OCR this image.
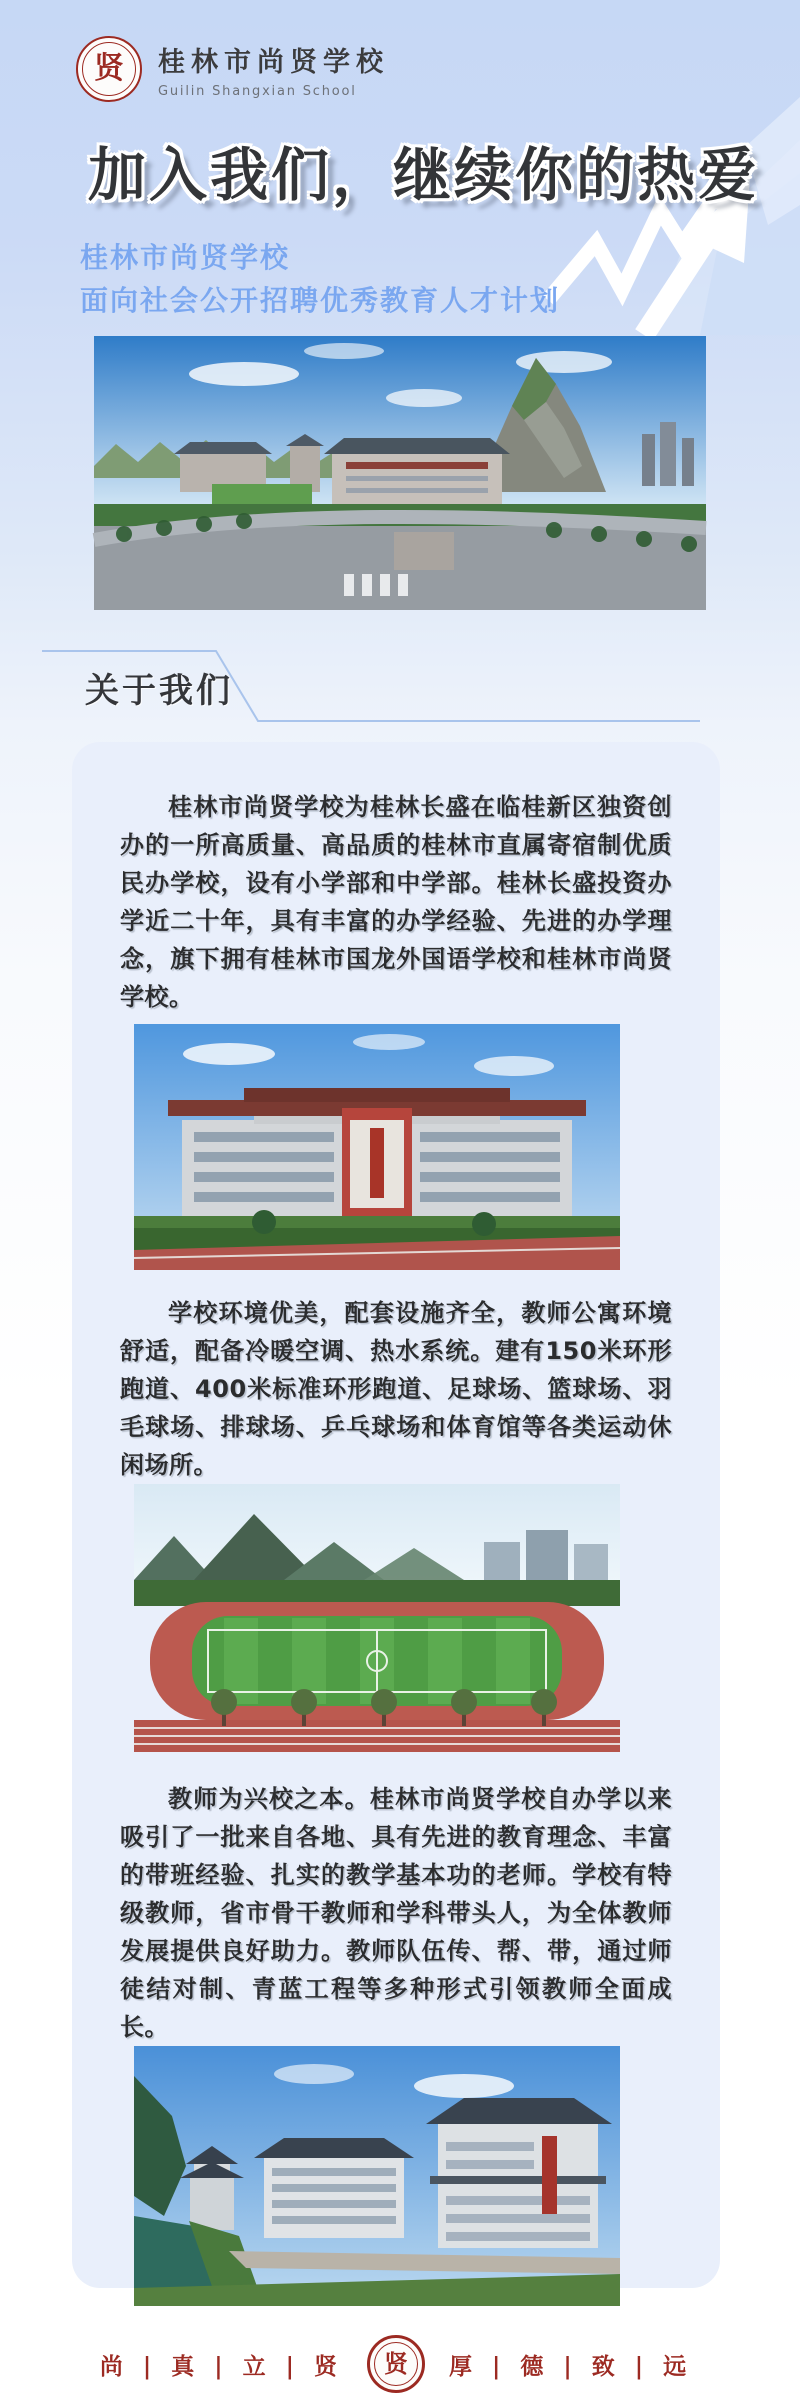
贤 桂林市尚贤学校
Guilin Shangxian School
加入我们，继续你的热爱
桂林市尚贤学校
面向社会公开招聘优秀教育人才计划
关于我们

桂林市尚贤学校为桂林长盛在临桂新区独资创办的一所高质量、高品质的桂林市直属寄宿制优质民办学校，设有小学部和中学部。桂林长盛投资办学近二十年，具有丰富的办学经验、先进的办学理念，旗下拥有桂林市国龙外国语学校和桂林市尚贤学校。

学校环境优美，配套设施齐全，教师公寓环境舒适，配备冷暖空调、热水系统。建有150米环形跑道、400米标准环形跑道、足球场、篮球场、羽毛球场、排球场、乒乓球场和体育馆等各类运动休闲场所。

教师为兴校之本。桂林市尚贤学校自办学以来吸引了一批来自各地、具有先进的教育理念、丰富的带班经验、扎实的教学基本功的老师。学校有特级教师，省市骨干教师和学科带头人，为全体教师发展提供良好助力。教师队伍传、帮、带，通过师徒结对制、青蓝工程等多种形式引领教师全面成长。

尚 | 真 | 立 | 贤 贤 厚 | 德 | 致 | 远
